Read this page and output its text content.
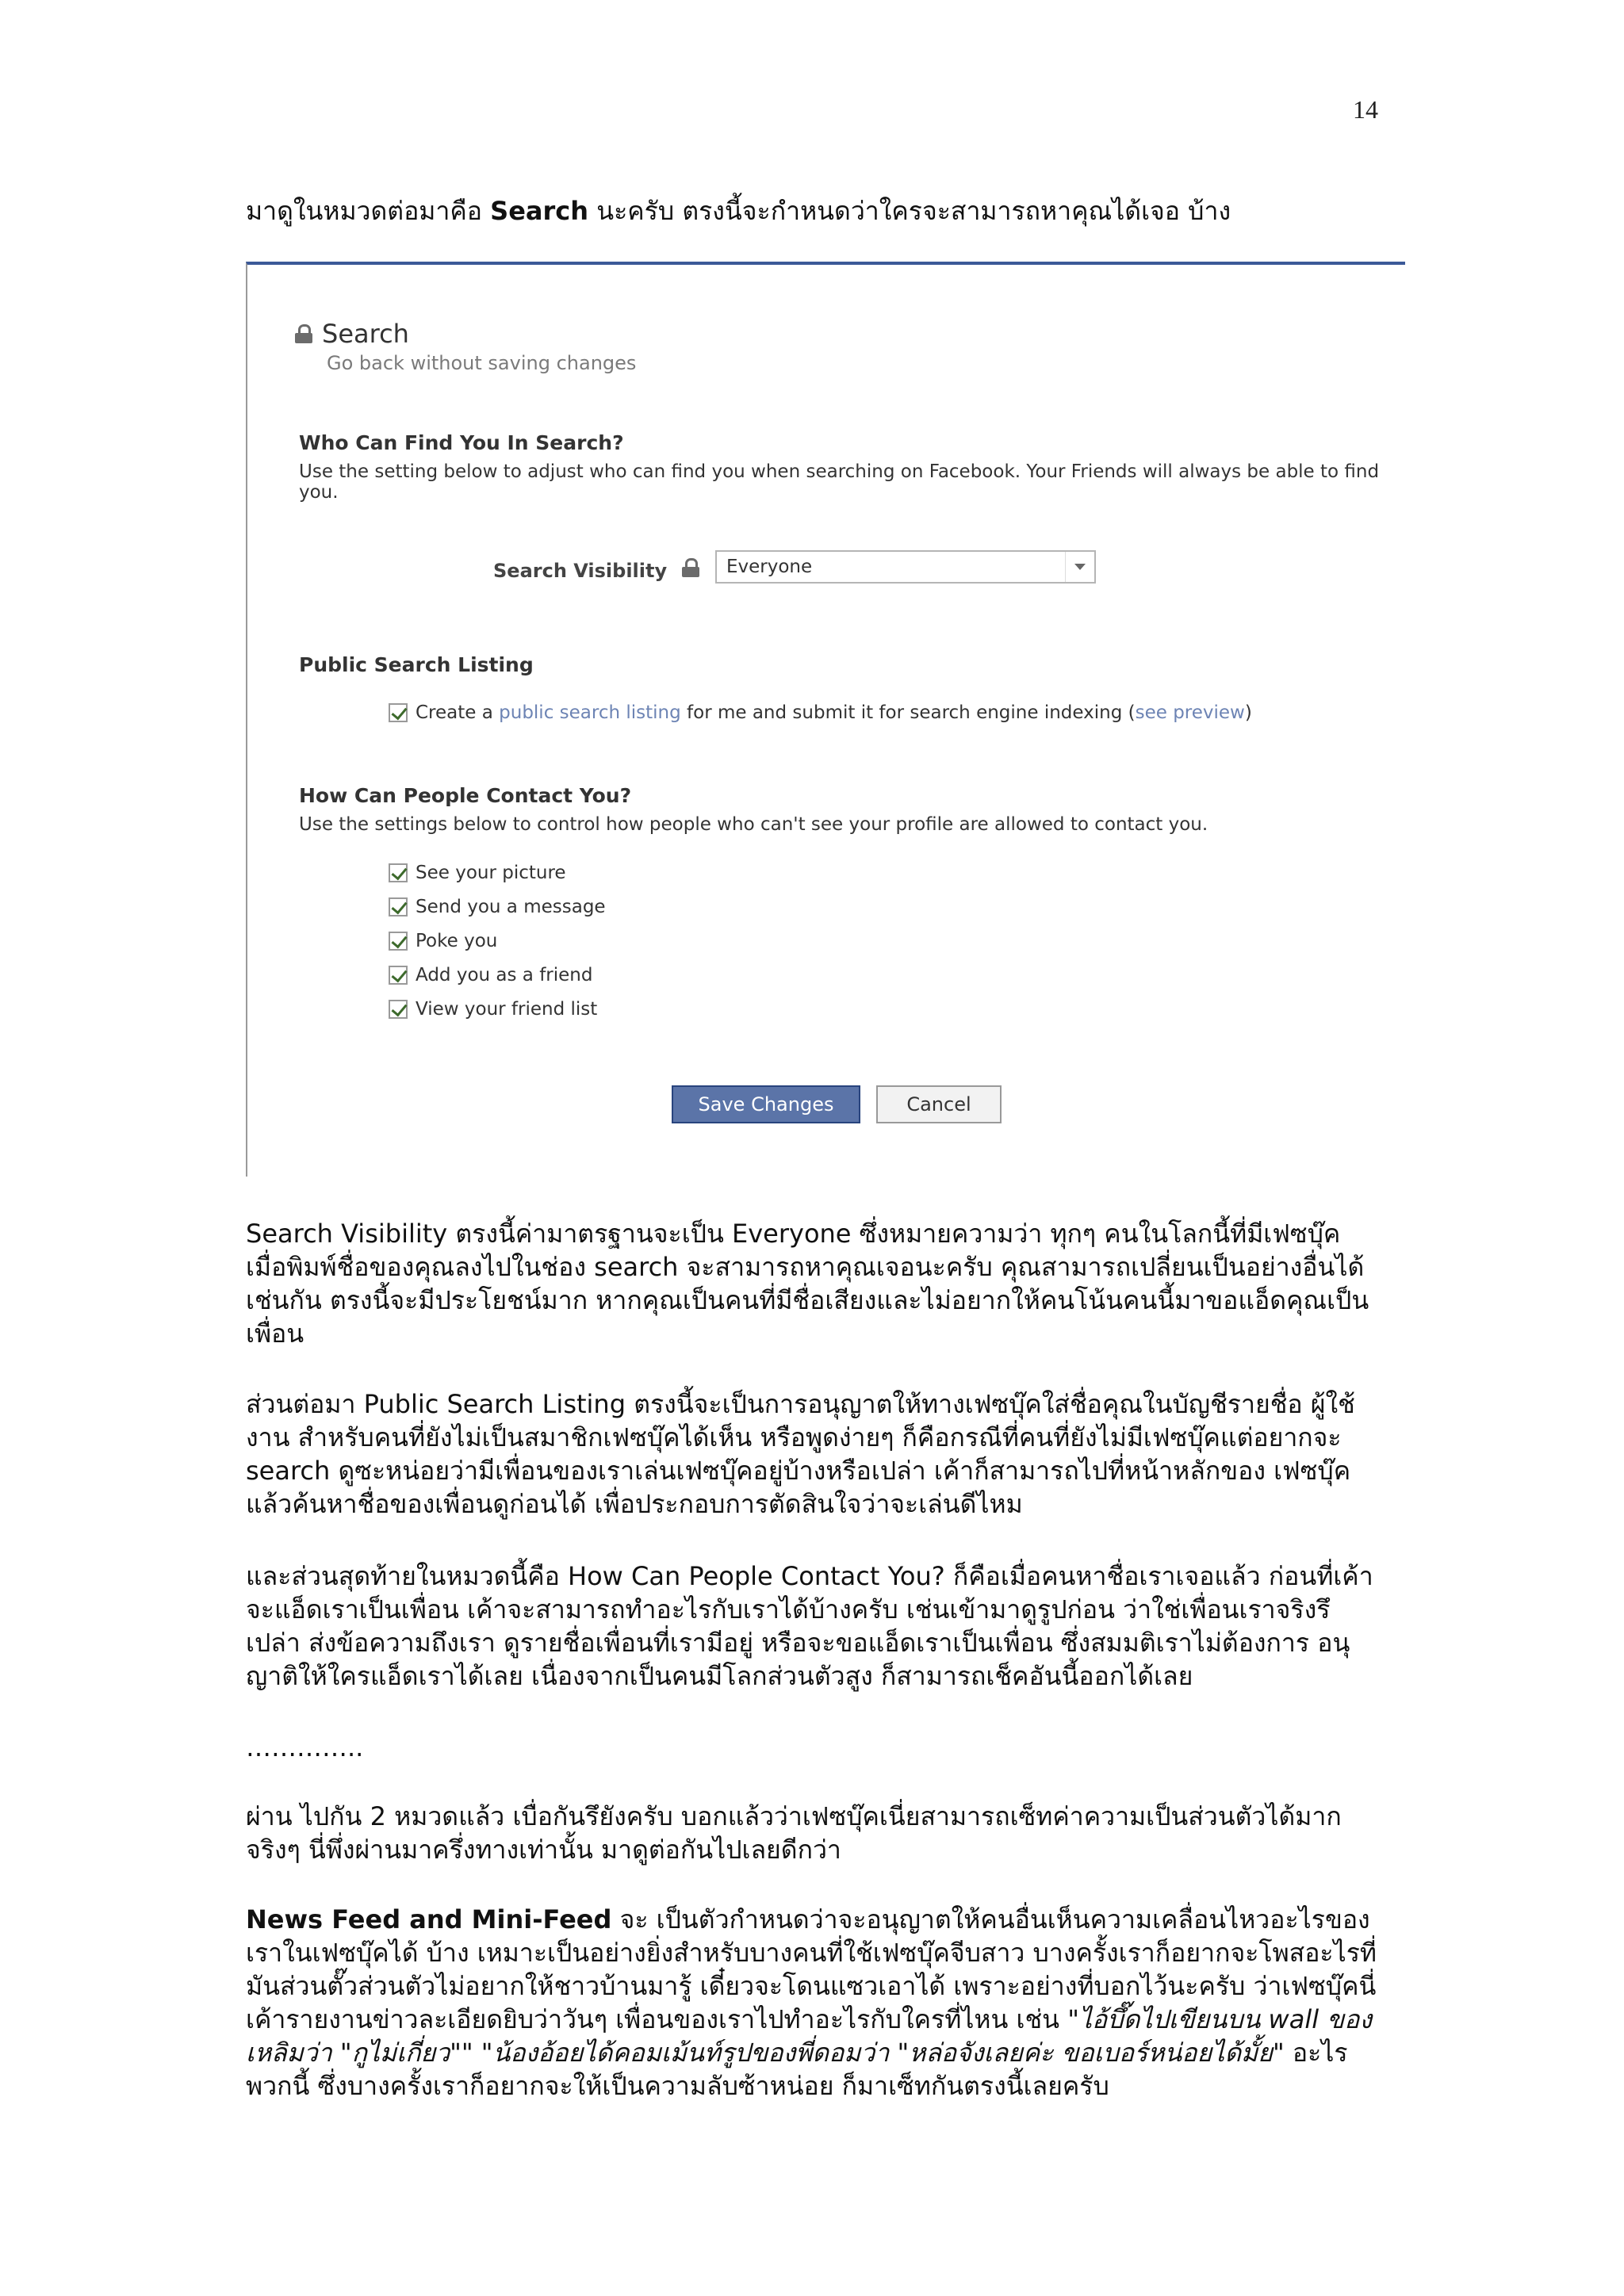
14
มาดูในหมวดต่อมาคือ Search นะครับ ตรงนี้จะกำหนดว่าใครจะสามารถหาคุณได้เจอ บ้าง
Search
Go back without saving changes
Who Can Find You In Search?
Use the setting below to adjust who can find you when searching on Facebook. Your Friends will always be able to find you.
Search Visibility	Everyone
Public Search Listing
Create a public search listing for me and submit it for search engine indexing (see preview)
How Can People Contact You?
Use the settings below to control how people who can't see your profile are allowed to contact you.
See your picture
Send you a message
Poke you
Add you as a friend
View your friend list
Save Changes	Cancel
Search Visibility ตรงนี้ค่ามาตรฐานจะเป็น Everyone ซึ่งหมายความว่า ทุกๆ คนในโลกนี้ที่มีเฟซบุ๊ค เมื่อพิมพ์ชื่อของคุณลงไปในช่อง search จะสามารถหาคุณเจอนะครับ คุณสามารถเปลี่ยนเป็นอย่างอื่นได้ เช่นกัน ตรงนี้จะมีประโยชน์มาก หากคุณเป็นคนที่มีชื่อเสียงและไม่อยากให้คนโน้นคนนี้มาขอแอ็ดคุณเป็น เพื่อน
ส่วนต่อมา Public Search Listing ตรงนี้จะเป็นการอนุญาตให้ทางเฟซบุ๊คใส่ชื่อคุณในบัญชีรายชื่อ ผู้ใช้งาน สำหรับคนที่ยังไม่เป็นสมาชิกเฟซบุ๊คได้เห็น หรือพูดง่ายๆ ก็คือกรณีที่คนที่ยังไม่มีเฟซบุ๊คแต่อยากจะ search ดูซะหน่อยว่ามีเพื่อนของเราเล่นเฟซบุ๊คอยู่บ้างหรือเปล่า เค้าก็สามารถไปที่หน้าหลักของ เฟซบุ๊คแล้วค้นหาชื่อของเพื่อนดูก่อนได้ เพื่อประกอบการตัดสินใจว่าจะเล่นดีไหม
และส่วนสุดท้ายในหมวดนี้คือ How Can People Contact You? ก็คือเมื่อคนหาชื่อเราเจอแล้ว ก่อนที่เค้าจะแอ็ดเราเป็นเพื่อน เค้าจะสามารถทำอะไรกับเราได้บ้างครับ เช่นเข้ามาดูรูปก่อน ว่าใช่เพื่อนเราจริงรึ เปล่า ส่งข้อความถึงเรา ดูรายชื่อเพื่อนที่เรามีอยู่ หรือจะขอแอ็ดเราเป็นเพื่อน ซึ่งสมมติเราไม่ต้องการ อนุญาติให้ใครแอ็ดเราได้เลย เนื่องจากเป็นคนมีโลกส่วนตัวสูง ก็สามารถเช็คอันนี้ออกได้เลย
…………..
ผ่าน ไปกัน 2 หมวดแล้ว เบื่อกันรึยังครับ บอกแล้วว่าเฟซบุ๊คเนี่ยสามารถเซ็ทค่าความเป็นส่วนตัวได้มาก จริงๆ นี่พึ่งผ่านมาครึ่งทางเท่านั้น มาดูต่อกันไปเลยดีกว่า
News Feed and Mini-Feed จะ เป็นตัวกำหนดว่าจะอนุญาตให้คนอื่นเห็นความเคลื่อนไหวอะไรของเราในเฟซบุ๊คได้ บ้าง เหมาะเป็นอย่างยิ่งสำหรับบางคนที่ใช้เฟซบุ๊คจีบสาว บางครั้งเราก็อยากจะโพสอะไรที่มันส่วนตั๊วส่วนตัวไม่อยากให้ชาวบ้านมารู้ เดี๋ยวจะโดนแซวเอาได้ เพราะอย่างที่บอกไว้นะครับ ว่าเฟซบุ๊คนี่เค้ารายงานข่าวละเอียดยิบว่าวันๆ เพื่อนของเราไปทำอะไรกับใครที่ไหน เช่น "ไอ้บึ๊ดไปเขียนบน wall ของเหลิมว่า "กูไม่เกี่ยว"" "น้องอ้อยได้คอมเม้นท์รูปของพี่ดอมว่า "หล่อจังเลยค่ะ ขอเบอร์หน่อยได้มั้ย" อะไรพวกนี้ ซึ่งบางครั้งเราก็อยากจะให้เป็นความลับซ้าหน่อย ก็มาเซ็ทกันตรงนี้เลยครับ
